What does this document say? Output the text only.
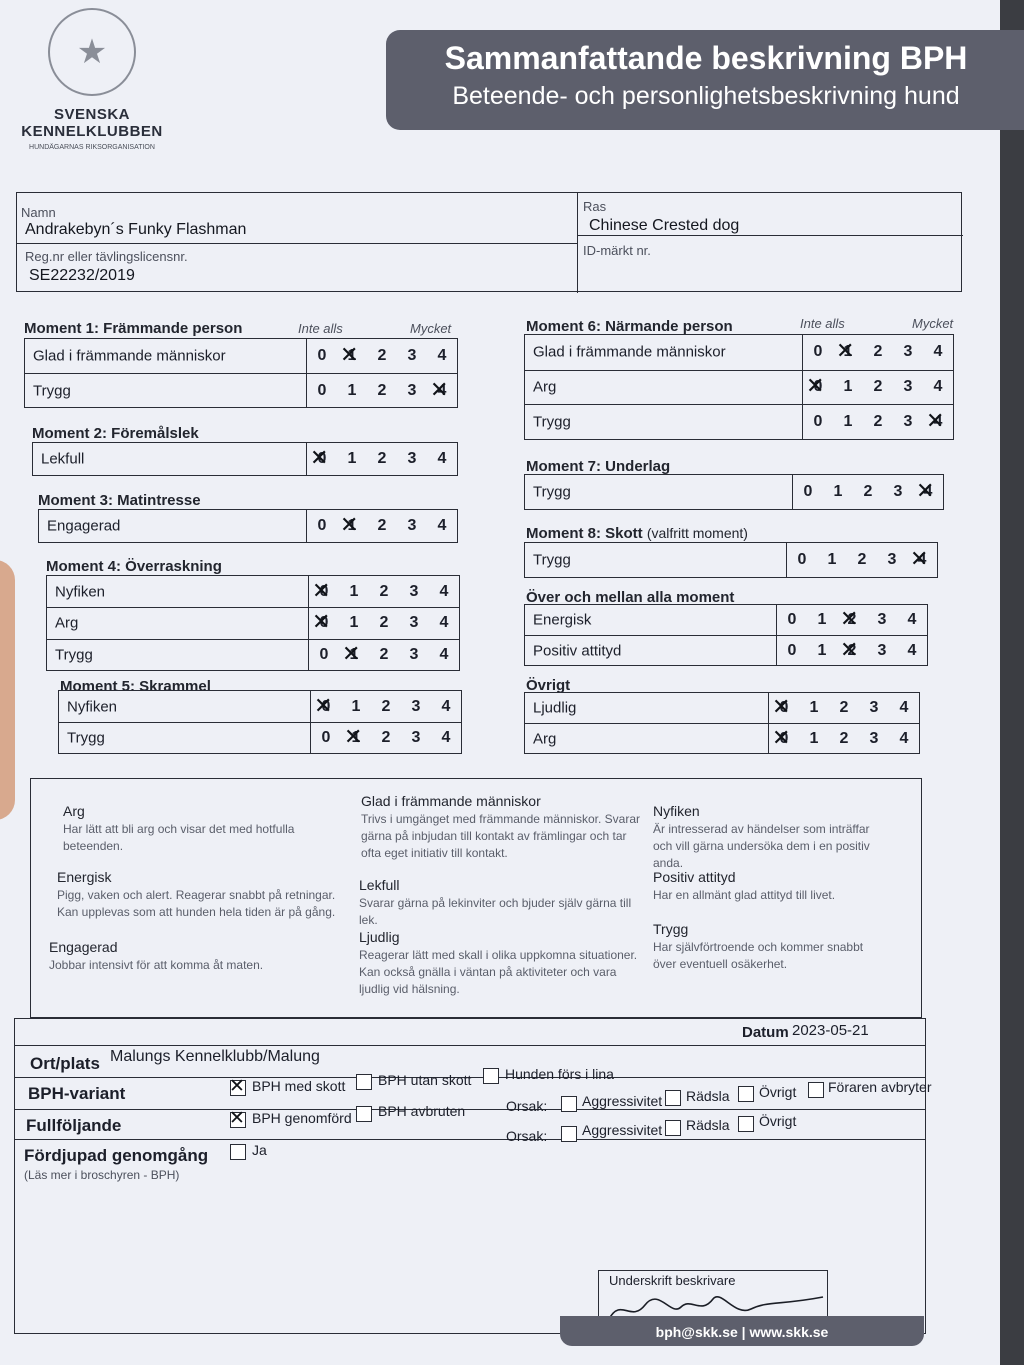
★
SVENSKA
KENNELKLUBBEN
HUNDÄGARNAS RIKSORGANISATION
Sammanfattande beskrivning BPH
Beteende- och personlighetsbeskrivning hund
Namn
Andrakebyn´s Funky Flashman
Ras
Chinese Crested dog
Reg.nr eller tävlingslicensnr.
SE22232/2019
ID-märkt nr.
Moment 1: Främmande person	Inte alls	Mycket
Glad i främmande människor	0 1 ✕ 2 3 4
Trygg	0 1 2 3 4 ✕
Moment 2: Föremålslek
Lekfull	0 ✕ 1 2 3 4
Moment 3: Matintresse
Engagerad	0 1 ✕ 2 3 4
Moment 4: Överraskning
Nyfiken	0 ✕ 1 2 3 4
Arg	0 ✕ 1 2 3 4
Trygg	0 1 ✕ 2 3 4
Moment 5: Skrammel
Nyfiken	0 ✕ 1 2 3 4
Trygg	0 1 ✕ 2 3 4
Moment 6: Närmande person	Inte alls	Mycket
Glad i främmande människor	0 1 ✕ 2 3 4
Arg	0 ✕ 1 2 3 4
Trygg	0 1 2 3 4 ✕
Moment 7: Underlag
Trygg	0 1 2 3 4 ✕
Moment 8: Skott (valfritt moment)
Trygg	0 1 2 3 4 ✕
Över och mellan alla moment
Energisk	0 1 2 ✕ 3 4
Positiv attityd	0 1 2 ✕ 3 4
Övrigt
Ljudlig	0 ✕ 1 2 3 4
Arg	0 ✕ 1 2 3 4
Arg
Har lätt att bli arg och visar det med hotfulla beteenden.
Energisk
Pigg, vaken och alert. Reagerar snabbt på retningar. Kan upplevas som att hunden hela tiden är på gång.
Engagerad
Jobbar intensivt för att komma åt maten.
Glad i främmande människor
Trivs i umgänget med främmande människor. Svarar gärna på inbjudan till kontakt av främlingar och tar ofta eget initiativ till kontakt.
Lekfull
Svarar gärna på lekinviter och bjuder själv gärna till lek.
Ljudlig
Reagerar lätt med skall i olika uppkomna situationer. Kan också gnälla i väntan på aktiviteter och vara ljudlig vid hälsning.
Nyfiken
Är intresserad av händelser som inträffar och vill gärna undersöka dem i en positiv anda.
Positiv attityd
Har en allmänt glad attityd till livet.
Trygg
Har självförtroende och kommer snabbt över eventuell osäkerhet.
Datum 2023-05-21
Ort/plats Malungs Kennelklubb/Malung
BPH-variant ✕	BPH med skott BPH utan skott Hunden förs i lina
Fullföljande ✕	BPH genomförd BPH avbruten	Orsak: Aggressivitet Rädsla Övrigt Föraren avbryter
Orsak: Aggressivitet Rädsla Övrigt
Fördjupad genomgång
(Läs mer i broschyren - BPH)
Ja
Underskrift beskrivare
bph@skk.se | www.skk.se
